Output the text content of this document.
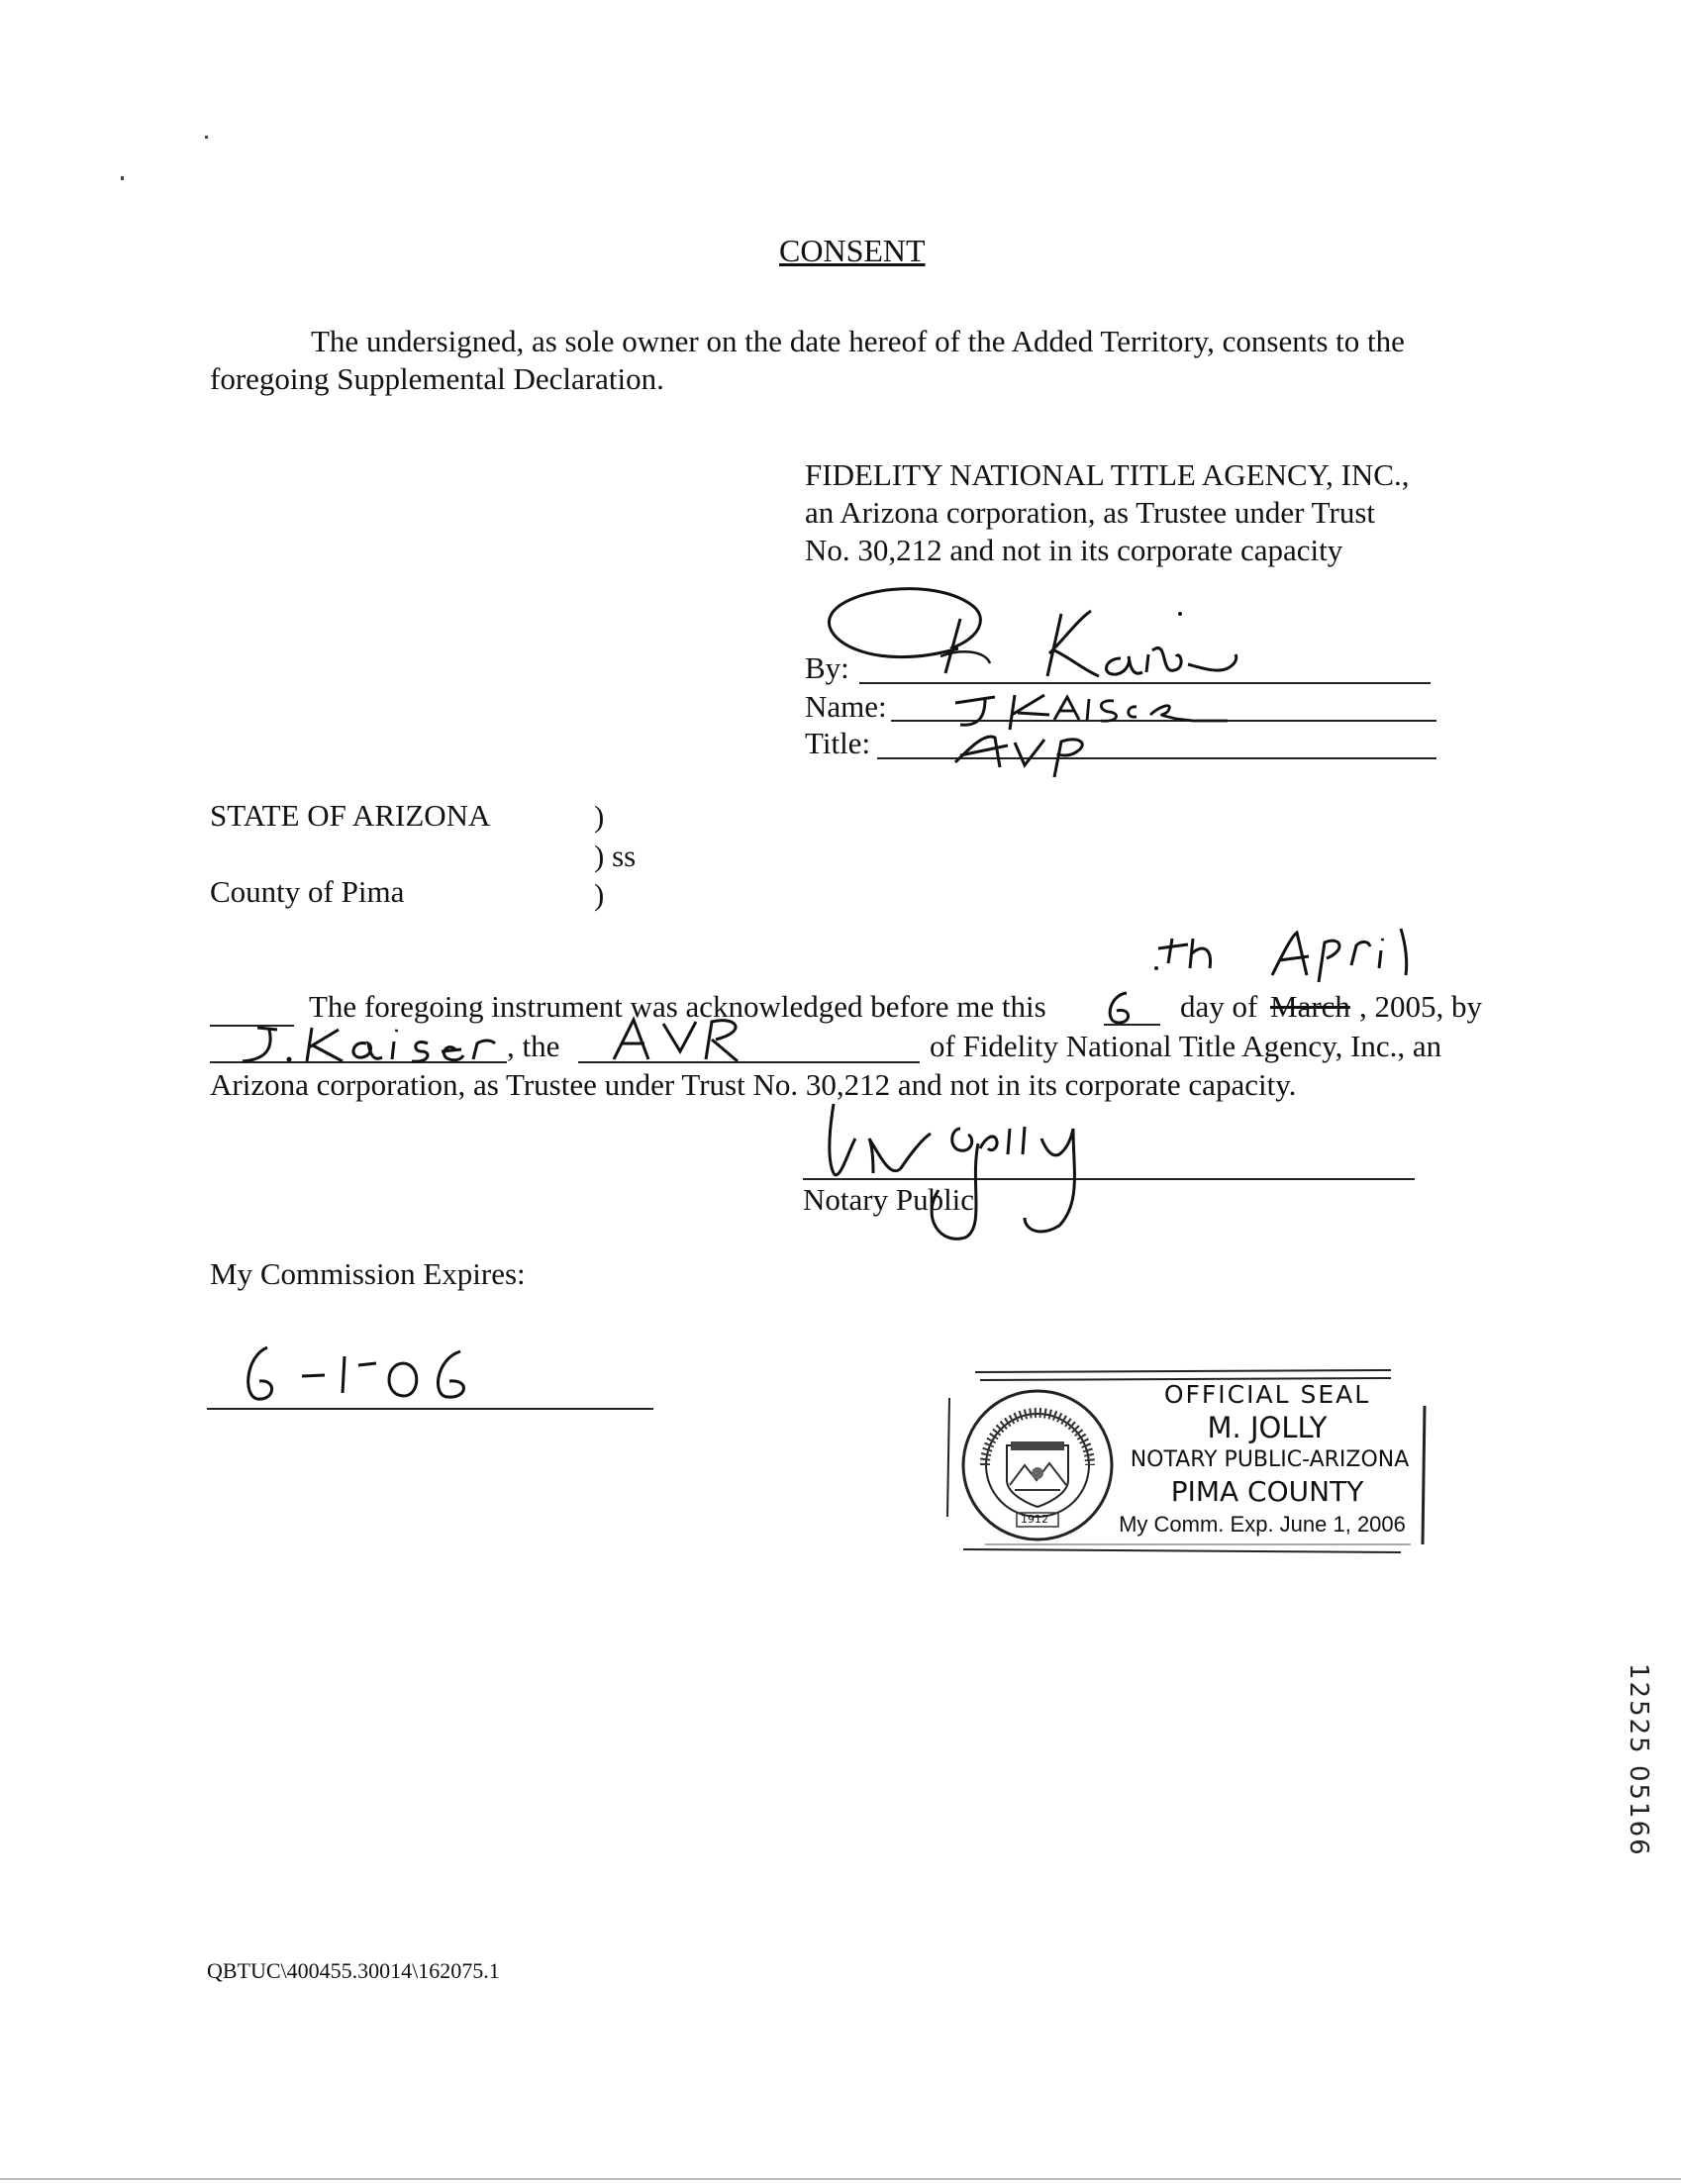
CONSENT
The undersigned, as sole owner on the date hereof of the Added Territory, consents to the foregoing Supplemental Declaration.
FIDELITY NATIONAL TITLE AGENCY, INC.,
an Arizona corporation, as Trustee under Trust
No. 30,212 and not in its corporate capacity
By:
Name:
Title:
STATE OF ARIZONA	)
) ss
County of Pima	)
The foregoing instrument was acknowledged before me this	day of March , 2005, by
, the	of Fidelity National Title Agency, Inc., an
Arizona corporation, as Trustee under Trust No. 30,212 and not in its corporate capacity.
Notary Public
My Commission Expires:
1912
OFFICIAL SEAL
M. JOLLY
NOTARY PUBLIC-ARIZONA
PIMA COUNTY
My Comm. Exp. June 1, 2006
12525 05166
QBTUC\400455.30014\162075.1
